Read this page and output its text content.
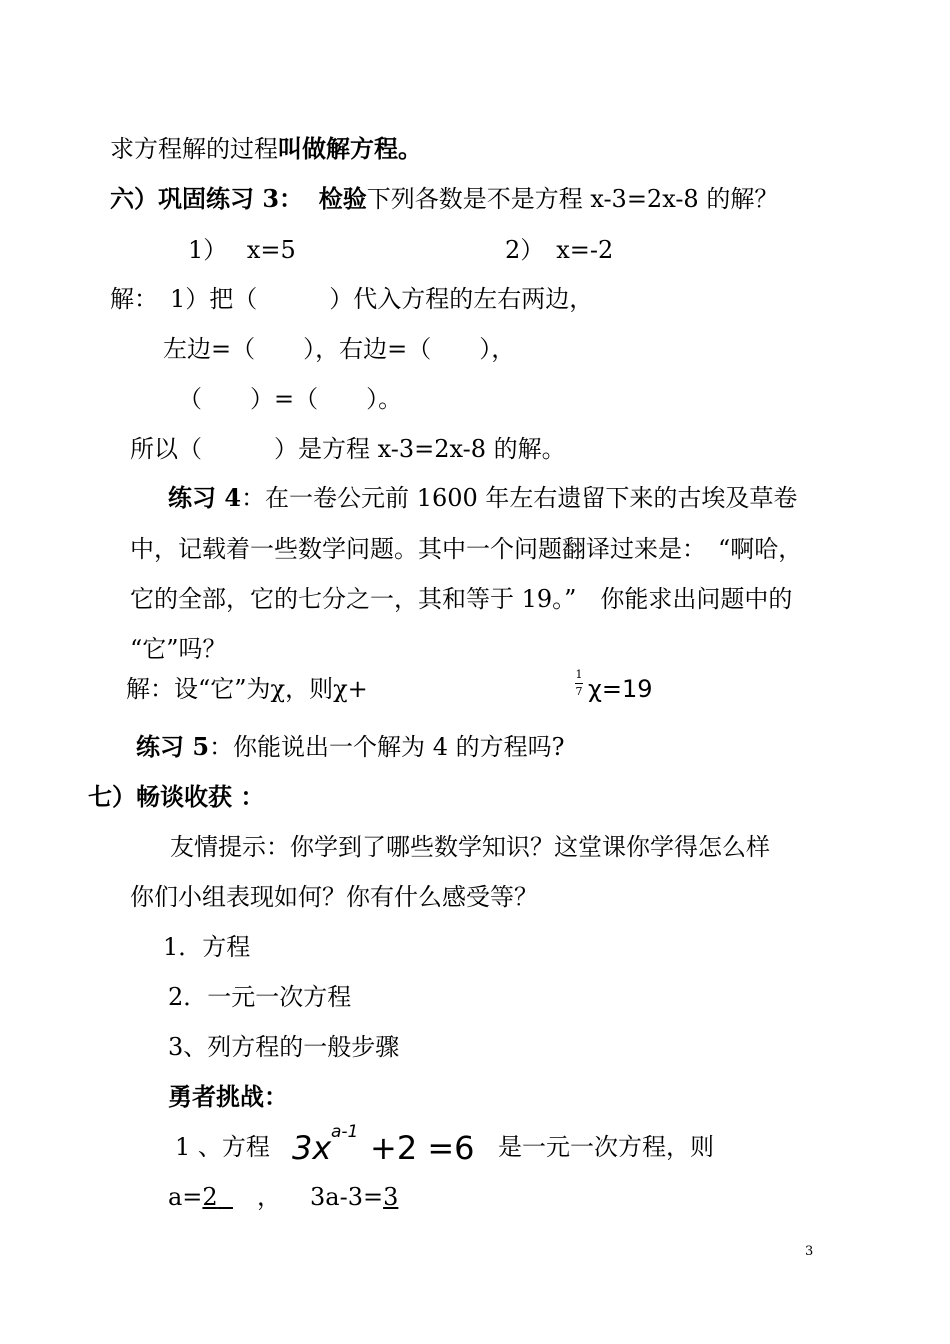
求方程解的过程叫做解方程。
六）巩固练习 3： 检验下列各数是不是方程 x-3=2x-8 的解？
1）　 x=5	2）　x=-2
解：　1）把（　　　）代入方程的左右两边，
左边=（　　），右边=（　　），
（　　）=（　　）。
所以（　　　）是方程 x-3=2x-8 的解。
练习 4：在一卷公元前 1600 年左右遗留下来的古埃及草卷
中，记载着一些数学问题。其中一个问题翻译过来是：　“啊哈，
它的全部，它的七分之一，其和等于 19。”　你能求出问题中的
“它”吗？
解：设“它”为χ，则χ+
1
7 χ=19
练习 5：你能说出一个解为 4 的方程吗?
七）畅谈收获 ：
友情提示：你学到了哪些数学知识？这堂课你学得怎么样
你们小组表现如何？你有什么感受等？
1．方程
2．一元一次方程
3、列方程的一般步骤
勇者挑战：
1 、方程 3x a-1 +2 =6 是一元一次方程，则
a=2  　， 3a-3=3
3
